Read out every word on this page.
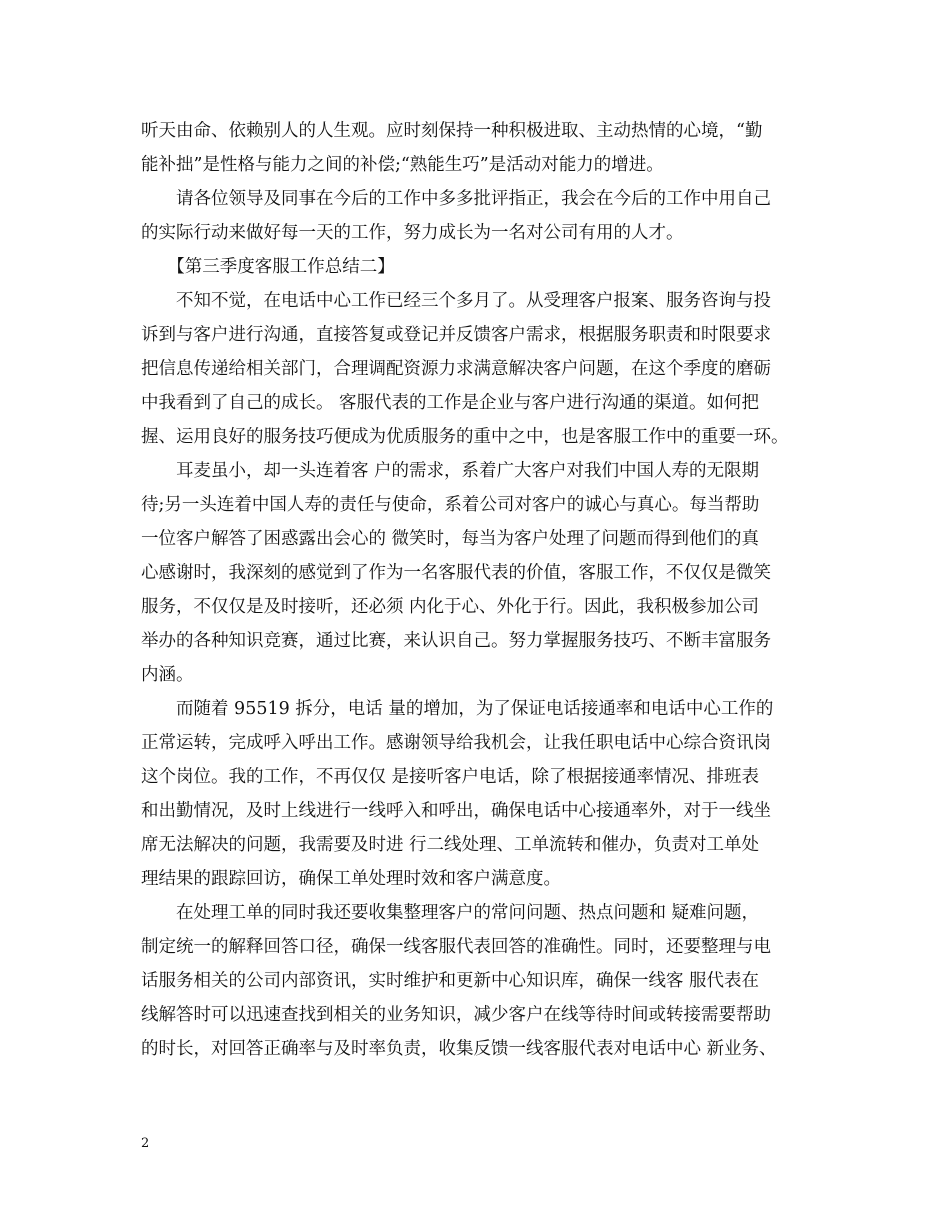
听天由命、依赖别人的人生观。应时刻保持一种积极进取、主动热情的心境，“勤
能补拙”是性格与能力之间的补偿;“熟能生巧”是活动对能力的增进。
　　请各位领导及同事在今后的工作中多多批评指正，我会在今后的工作中用自己
的实际行动来做好每一天的工作，努力成长为一名对公司有用的人才。
　　【第三季度客服工作总结二】
　　不知不觉，在电话中心工作已经三个多月了。从受理客户报案、服务咨询与投
诉到与客户进行沟通，直接答复或登记并反馈客户需求，根据服务职责和时限要求
把信息传递给相关部门，合理调配资源力求满意解决客户问题，在这个季度的磨砺
中我看到了自己的成长。 客服代表的工作是企业与客户进行沟通的渠道。如何把
握、运用良好的服务技巧便成为优质服务的重中之中，也是客服工作中的重要一环。
　　耳麦虽小，却一头连着客 户的需求，系着广大客户对我们中国人寿的无限期
待;另一头连着中国人寿的责任与使命，系着公司对客户的诚心与真心。每当帮助
一位客户解答了困惑露出会心的 微笑时，每当为客户处理了问题而得到他们的真
心感谢时，我深刻的感觉到了作为一名客服代表的价值，客服工作，不仅仅是微笑
服务，不仅仅是及时接听，还必须 内化于心、外化于行。因此，我积极参加公司
举办的各种知识竞赛，通过比赛，来认识自己。努力掌握服务技巧、不断丰富服务
内涵。
　　而随着 95519 拆分，电话 量的增加，为了保证电话接通率和电话中心工作的
正常运转，完成呼入呼出工作。感谢领导给我机会，让我任职电话中心综合资讯岗
这个岗位。我的工作，不再仅仅 是接听客户电话，除了根据接通率情况、排班表
和出勤情况，及时上线进行一线呼入和呼出，确保电话中心接通率外，对于一线坐
席无法解决的问题，我需要及时进 行二线处理、工单流转和催办，负责对工单处
理结果的跟踪回访，确保工单处理时效和客户满意度。
　　在处理工单的同时我还要收集整理客户的常问问题、热点问题和 疑难问题，
制定统一的解释回答口径，确保一线客服代表回答的准确性。同时，还要整理与电
话服务相关的公司内部资讯，实时维护和更新中心知识库，确保一线客 服代表在
线解答时可以迅速查找到相关的业务知识，减少客户在线等待时间或转接需要帮助
的时长，对回答正确率与及时率负责，收集反馈一线客服代表对电话中心 新业务、
2
